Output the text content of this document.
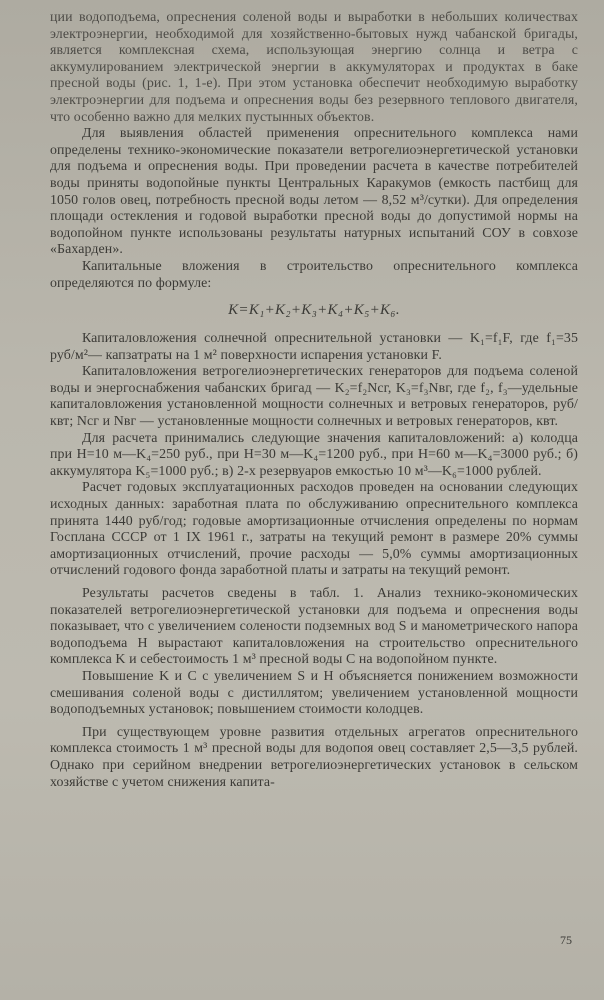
ции водоподъема, опреснения соленой воды и выработки в небольших количествах электроэнергии, необходимой для хозяйственно-бытовых нужд чабанской бригады, является комплексная схема, использующая энергию солнца и ветра с аккумулированием электрической энергии в аккумуляторах и продуктах в баке пресной воды (рис. 1, 1-е). При этом установка обеспечит необходимую выработку электроэнергии для подъема и опреснения воды без резервного теплового двигателя, что особенно важно для мелких пустынных объектов.

Для выявления областей применения опреснительного комплекса нами определены технико-экономические показатели ветрогелиоэнергетической установки для подъема и опреснения воды. При проведении расчета в качестве потребителей воды приняты водопойные пункты Центральных Каракумов (емкость пастбищ для 1050 голов овец, потребность пресной воды летом — 8,52 м³/сутки). Для определения площади остекления и годовой выработки пресной воды до допустимой нормы на водопойном пункте использованы результаты натурных испытаний СОУ в совхозе «Бахарден».

Капитальные вложения в строительство опреснительного комплекса определяются по формуле:

K=K₁+K₂+K₃+K₄+K₅+K₆.

Капиталовложения солнечной опреснительной установки — K₁=f₁F, где f₁=35 руб/м²— капзатраты на 1 м² поверхности испарения установки F.

Капиталовложения ветрогелиоэнергетических генераторов для подъема соленой воды и энергоснабжения чабанских бригад — K₂=f₂Nсг, K₃=f₃Nвг, где f₂, f₃—удельные капиталовложения установленной мощности солнечных и ветровых генераторов, руб/квт; Nсг и Nвг — установленные мощности солнечных и ветровых генераторов, квт.

Для расчета принимались следующие значения капиталовложений: а) колодца при H=10 м—K₄=250 руб., при H=30 м—K₄=1200 руб., при H=60 м—K₄=3000 руб.; б) аккумулятора K₅=1000 руб.; в) 2-х резервуаров емкостью 10 м³—K₆=1000 рублей.

Расчет годовых эксплуатационных расходов проведен на основании следующих исходных данных: заработная плата по обслуживанию опреснительного комплекса принята 1440 руб/год; годовые амортизационные отчисления определены по нормам Госплана СССР от 1 IX 1961 г., затраты на текущий ремонт в размере 20% суммы амортизационных отчислений, прочие расходы — 5,0% суммы амортизационных отчислений годового фонда заработной платы и затраты на текущий ремонт.

Результаты расчетов сведены в табл. 1. Анализ технико-экономических показателей ветрогелиоэнергетической установки для подъема и опреснения воды показывает, что с увеличением солености подземных вод S и манометрического напора водоподъема H вырастают капиталовложения на строительство опреснительного комплекса K и себестоимость 1 м³ пресной воды C на водопойном пункте.

Повышение K и C с увеличением S и H объясняется понижением возможности смешивания соленой воды с дистиллятом; увеличением установленной мощности водоподъемных установок; повышением стоимости колодцев.

При существующем уровне развития отдельных агрегатов опреснительного комплекса стоимость 1 м³ пресной воды для водопоя овец составляет 2,5—3,5 рублей. Однако при серийном внедрении ветрогелиоэнергетических установок в сельском хозяйстве с учетом снижения капита-

75
